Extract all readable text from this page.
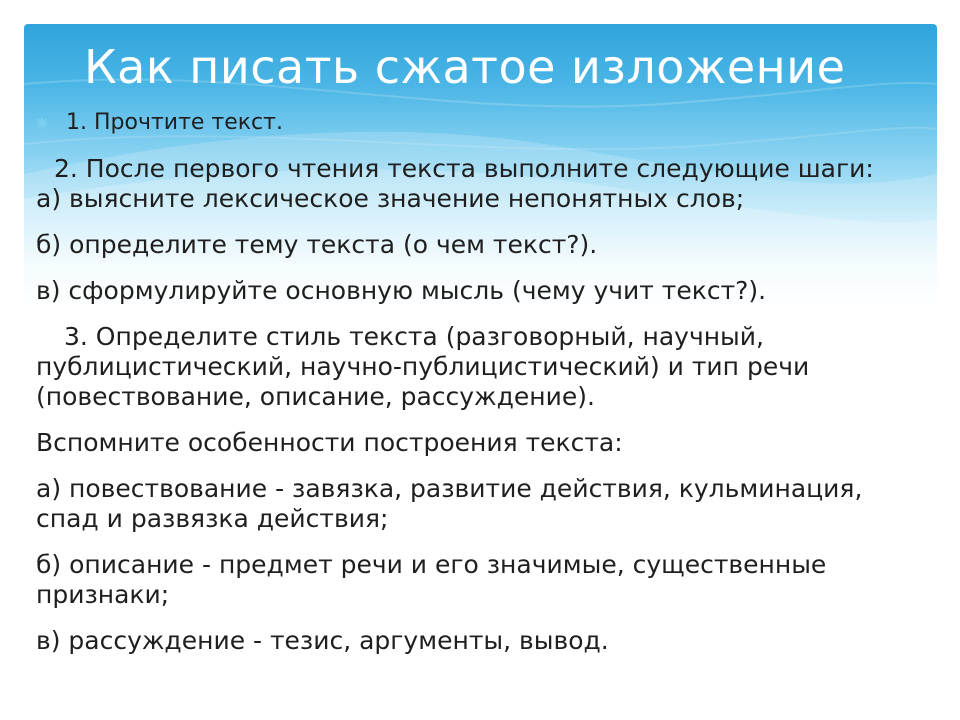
Как писать сжатое изложение
1. Прочтите текст.

2. После первого чтения текста выполните следующие шаги:

а) выясните лексическое значение непонятных слов;

б) определите тему текста (о чем текст?).

в) сформулируйте основную мысль (чему учит текст?).

3. Определите стиль текста (разговорный, научный,

публицистический, научно-публицистический) и тип речи

(повествование, описание, рассуждение).

Вспомните особенности построения текста:

а) повествование - завязка, развитие действия, кульминация,

спад и развязка действия;

б) описание - предмет речи и его значимые, существенные

признаки;

в) рассуждение - тезис, аргументы, вывод.
